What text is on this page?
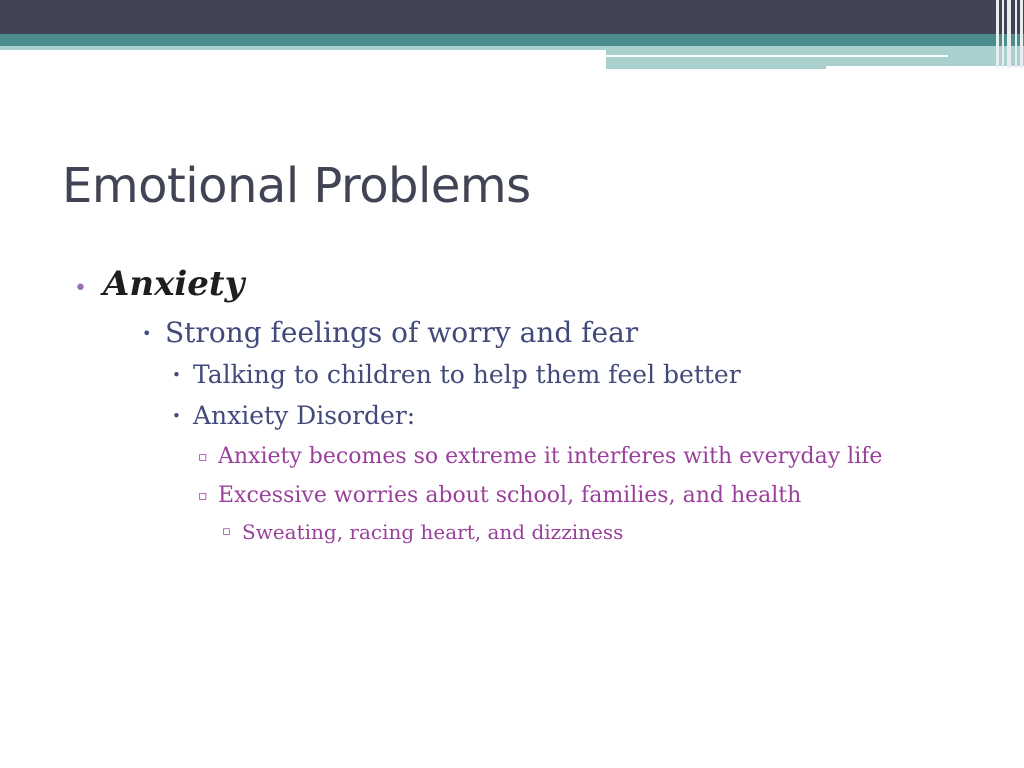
Emotional Problems
• Anxiety
• Strong feelings of worry and fear
• Talking to children to help them feel better
• Anxiety Disorder:
▫ Anxiety becomes so extreme it interferes with everyday life
▫ Excessive worries about school, families, and health
▫ Sweating, racing heart, and dizziness
